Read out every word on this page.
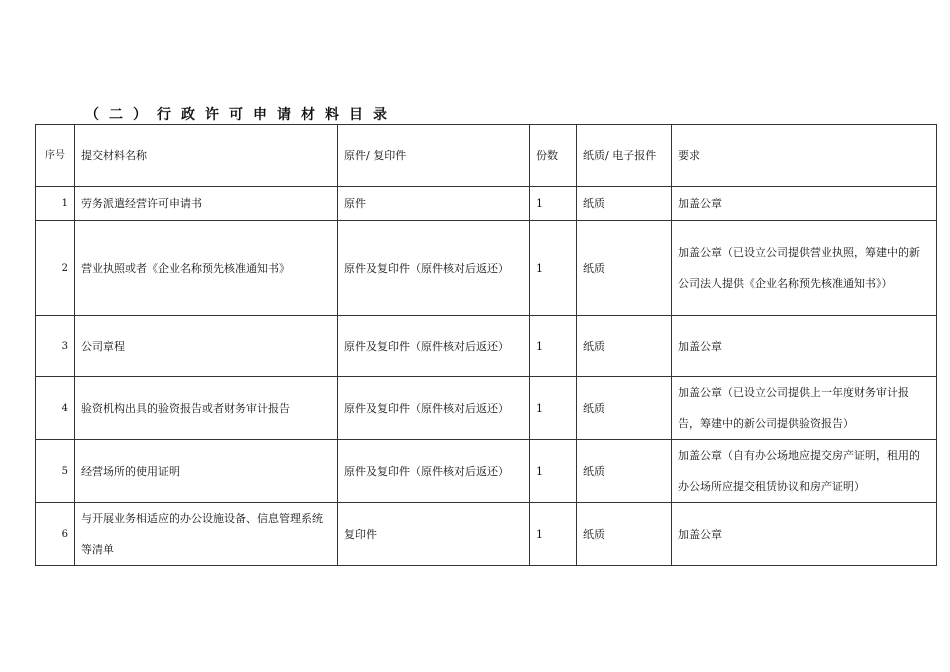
（二）行政许可申请材料目录
序号	提交材料名称	原件/ 复印件	份数	纸质/ 电子报件	要求
1	劳务派遣经营许可申请书	原件	1	纸质	加盖公章
2	营业执照或者《企业名称预先核准通知书》	原件及复印件（原件核对后返还）	1	纸质	加盖公章（已设立公司提供营业执照，筹建中的新公司法人提供《企业名称预先核准通知书》）

3	公司章程	原件及复印件（原件核对后返还）	1	纸质	加盖公章
4	验资机构出具的验资报告或者财务审计报告	原件及复印件（原件核对后返还）	1	纸质	加盖公章（已设立公司提供上一年度财务审计报告，筹建中的新公司提供验资报告）

5	经营场所的使用证明	原件及复印件（原件核对后返还）	1	纸质	加盖公章（自有办公场地应提交房产证明，租用的办公场所应提交租赁协议和房产证明）

6	与开展业务相适应的办公设施设备、信息管理系统等清单	复印件	1	纸质	加盖公章
